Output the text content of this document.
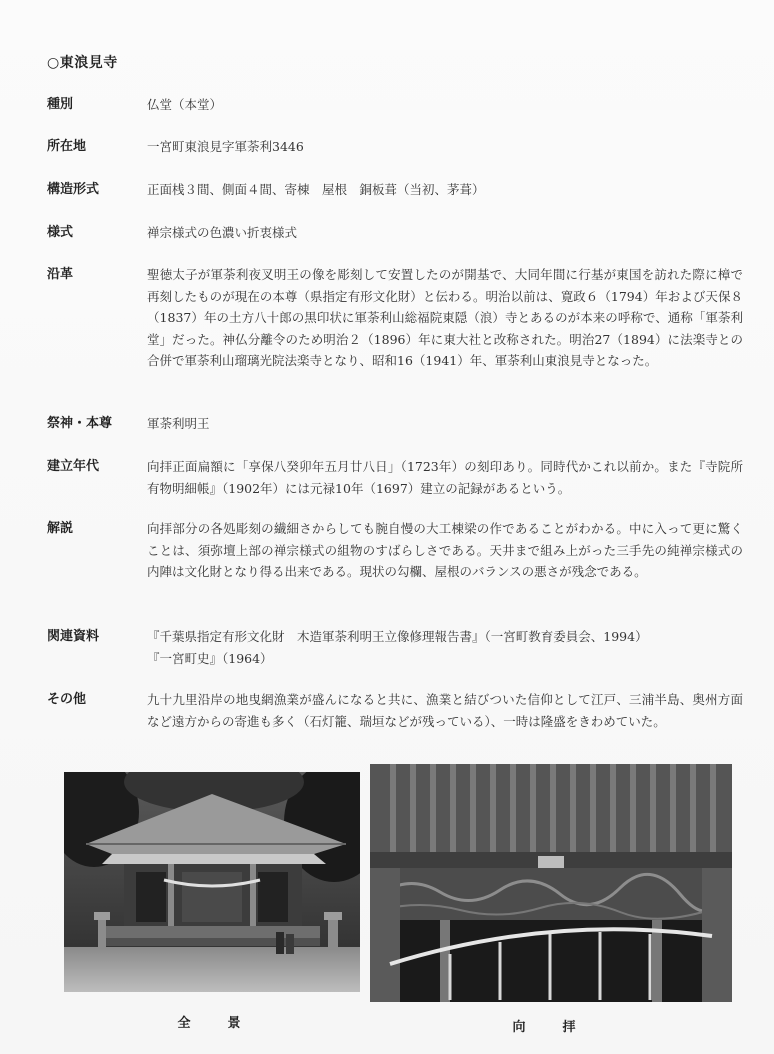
○東浪見寺
種別	仏堂（本堂）
所在地	一宮町東浪見字軍荼利3446
構造形式	正面桟３間、側面４間、寄棟　屋根　銅板葺（当初、茅葺）
様式	禅宗様式の色濃い折衷様式
沿革	聖徳太子が軍荼利夜叉明王の像を彫刻して安置したのが開基で、大同年間に行基が東国を訪れた際に樟で再刻したものが現在の本尊（県指定有形文化財）と伝わる。明治以前は、寛政６（1794）年および天保８（1837）年の土方八十郎の黒印状に軍荼利山総福院東隠（浪）寺とあるのが本来の呼称で、通称「軍荼利堂」だった。神仏分離令のため明治２（1896）年に東大社と改称された。明治27（1894）に法楽寺との合併で軍荼利山瑠璃光院法楽寺となり、昭和16（1941）年、軍荼利山東浪見寺となった。
祭神・本尊	軍荼利明王
建立年代	向拝正面扁額に「享保八癸卯年五月廿八日」（1723年）の刻印あり。同時代かこれ以前か。また『寺院所有物明細帳』（1902年）には元禄10年（1697）建立の記録があるという。
解説	向拝部分の各処彫刻の繊細さからしても腕自慢の大工棟梁の作であることがわかる。中に入って更に驚くことは、須弥壇上部の禅宗様式の組物のすばらしさである。天井まで組み上がった三手先の純禅宗様式の内陣は文化財となり得る出来である。現状の勾欄、屋根のバランスの悪さが残念である。
関連資料	『千葉県指定有形文化財　木造軍荼利明王立像修理報告書』（一宮町教育委員会、1994）
『一宮町史』（1964）
その他	九十九里沿岸の地曳網漁業が盛んになると共に、漁業と結びついた信仰として江戸、三浦半島、奥州方面など遠方からの寄進も多く（石灯籠、瑞垣などが残っている）、一時は隆盛をきわめていた。
全　景	向　拝
